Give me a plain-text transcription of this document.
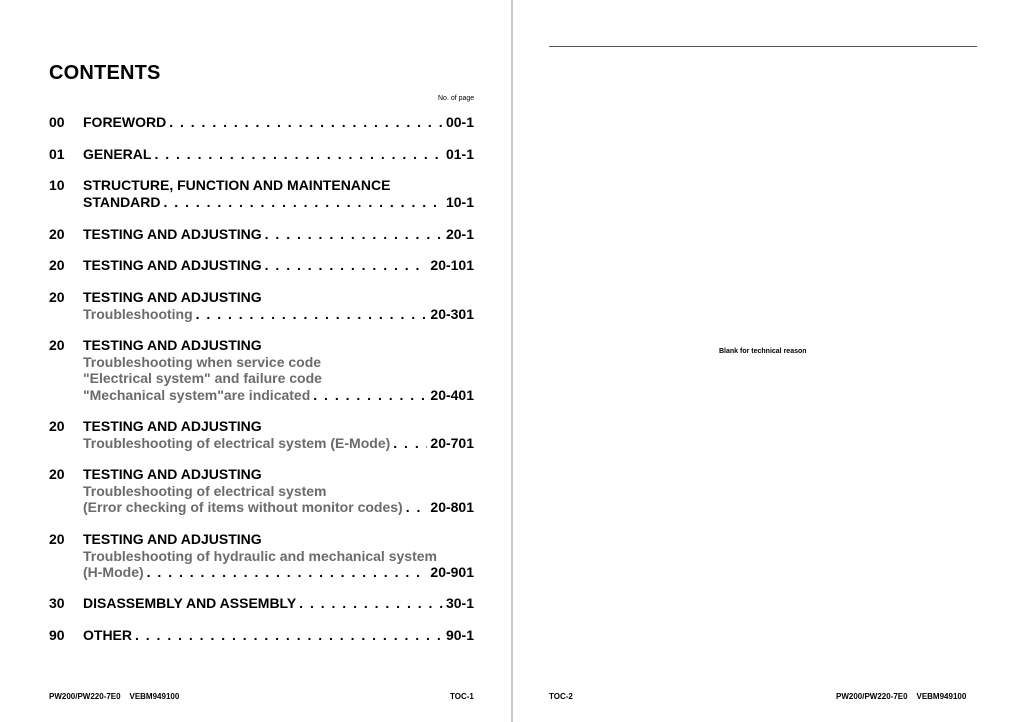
CONTENTS
No. of page
00 FOREWORD . . .	00-1
01 GENERAL . . .	01-1
10 STRUCTURE, FUNCTION AND MAINTENANCE
STANDARD . . .	10-1
20 TESTING AND ADJUSTING . . .	20-1
20 TESTING AND ADJUSTING . . .	20-101
20 TESTING AND ADJUSTING
Troubleshooting . . .	20-301
20 TESTING AND ADJUSTING
Troubleshooting when service code
"Electrical system" and failure code
"Mechanical system"are indicated . . .	20-401
20 TESTING AND ADJUSTING
Troubleshooting of electrical system (E-Mode) . . .	20-701
20 TESTING AND ADJUSTING
Troubleshooting of electrical system
(Error checking of items without monitor codes) . . . 20-801
20 TESTING AND ADJUSTING
Troubleshooting of hydraulic and mechanical system
(H-Mode) . . .	20-901
30 DISASSEMBLY AND ASSEMBLY . . .	30-1
90 OTHER . . .	90-1
PW200/PW220-7E0    VEBM949100	TOC-1
Blank for technical reason
TOC-2	PW200/PW220-7E0    VEBM949100
